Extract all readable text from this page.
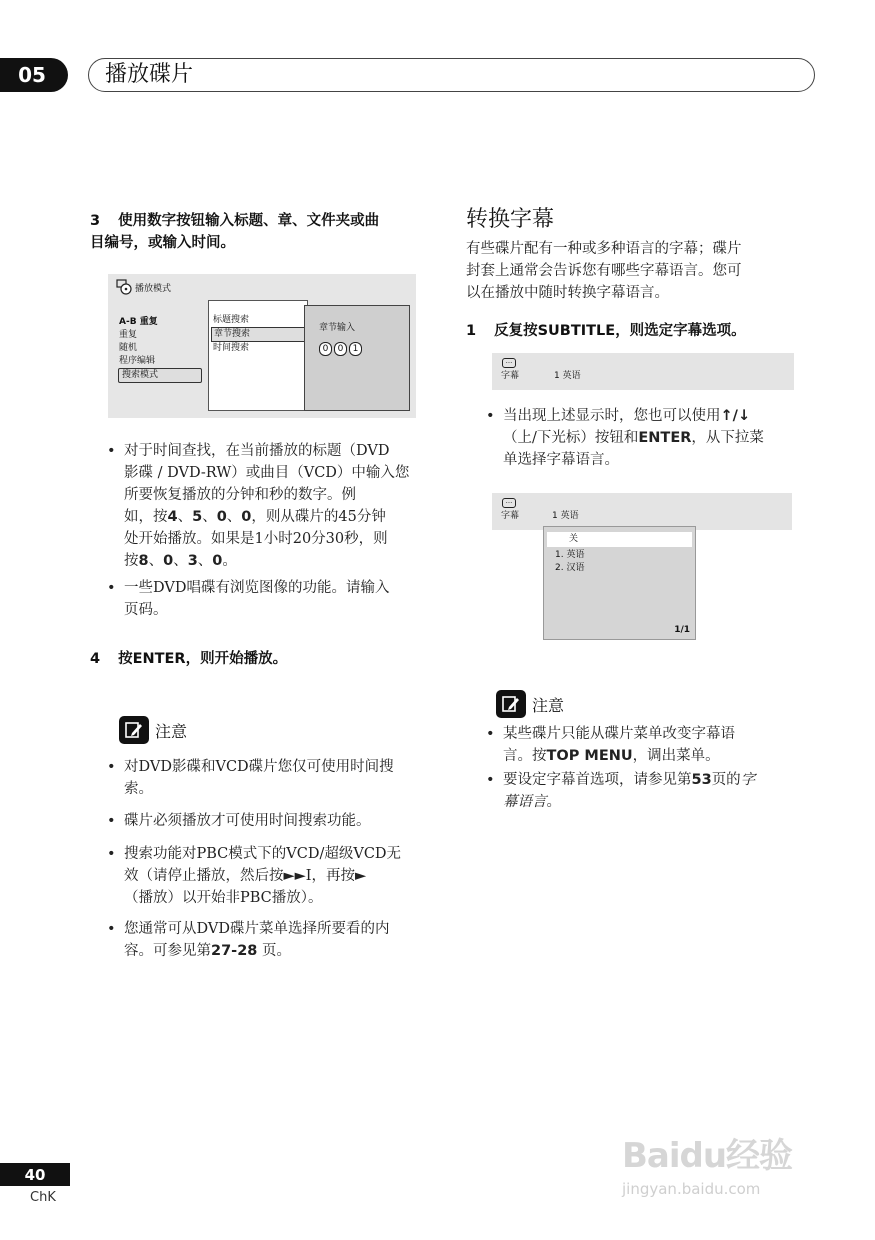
05	播放碟片
3 使用数字按钮输入标题、章、文件夹或曲
目编号，或输入时间。
播放模式
A-B 重复
重复
随机
程序编辑
搜索模式
标题搜索
章节搜索
时间搜索
章节输入
0 0 1
• 对于时间查找，在当前播放的标题（DVD
影碟 / DVD-RW）或曲目（VCD）中输入您
所要恢复播放的分钟和秒的数字。例
如，按4、5、0、0，则从碟片的45分钟
处开始播放。如果是1小时20分30秒，则
按8、0、3、0。
• 一些DVD唱碟有浏览图像的功能。请输入
页码。
4 按ENTER，则开始播放。
注意
• 对DVD影碟和VCD碟片您仅可使用时间搜
索。
• 碟片必须播放才可使用时间搜索功能。
• 搜索功能对PBC模式下的VCD/超级VCD无
效（请停止播放，然后按►►I，再按►
（播放）以开始非PBC播放）。
• 您通常可从DVD碟片菜单选择所要看的内
容。可参见第27-28 页。
转换字幕
有些碟片配有一种或多种语言的字幕；碟片
封套上通常会告诉您有哪些字幕语言。您可
以在播放中随时转换字幕语言。
1 反复按SUBTITLE，则选定字幕选项。
...
字幕	1 英语
• 当出现上述显示时，您也可以使用↑/↓
（上/下光标）按钮和ENTER，从下拉菜
单选择字幕语言。
...
字幕	1 英语
关
1. 英语
2. 汉语
1/1
注意
• 某些碟片只能从碟片菜单改变字幕语
言。按TOP MENU，调出菜单。
• 要设定字幕首选项，请参见第53页的字
幕语言。
40
ChK
Baidu经验
jingyan.baidu.com
